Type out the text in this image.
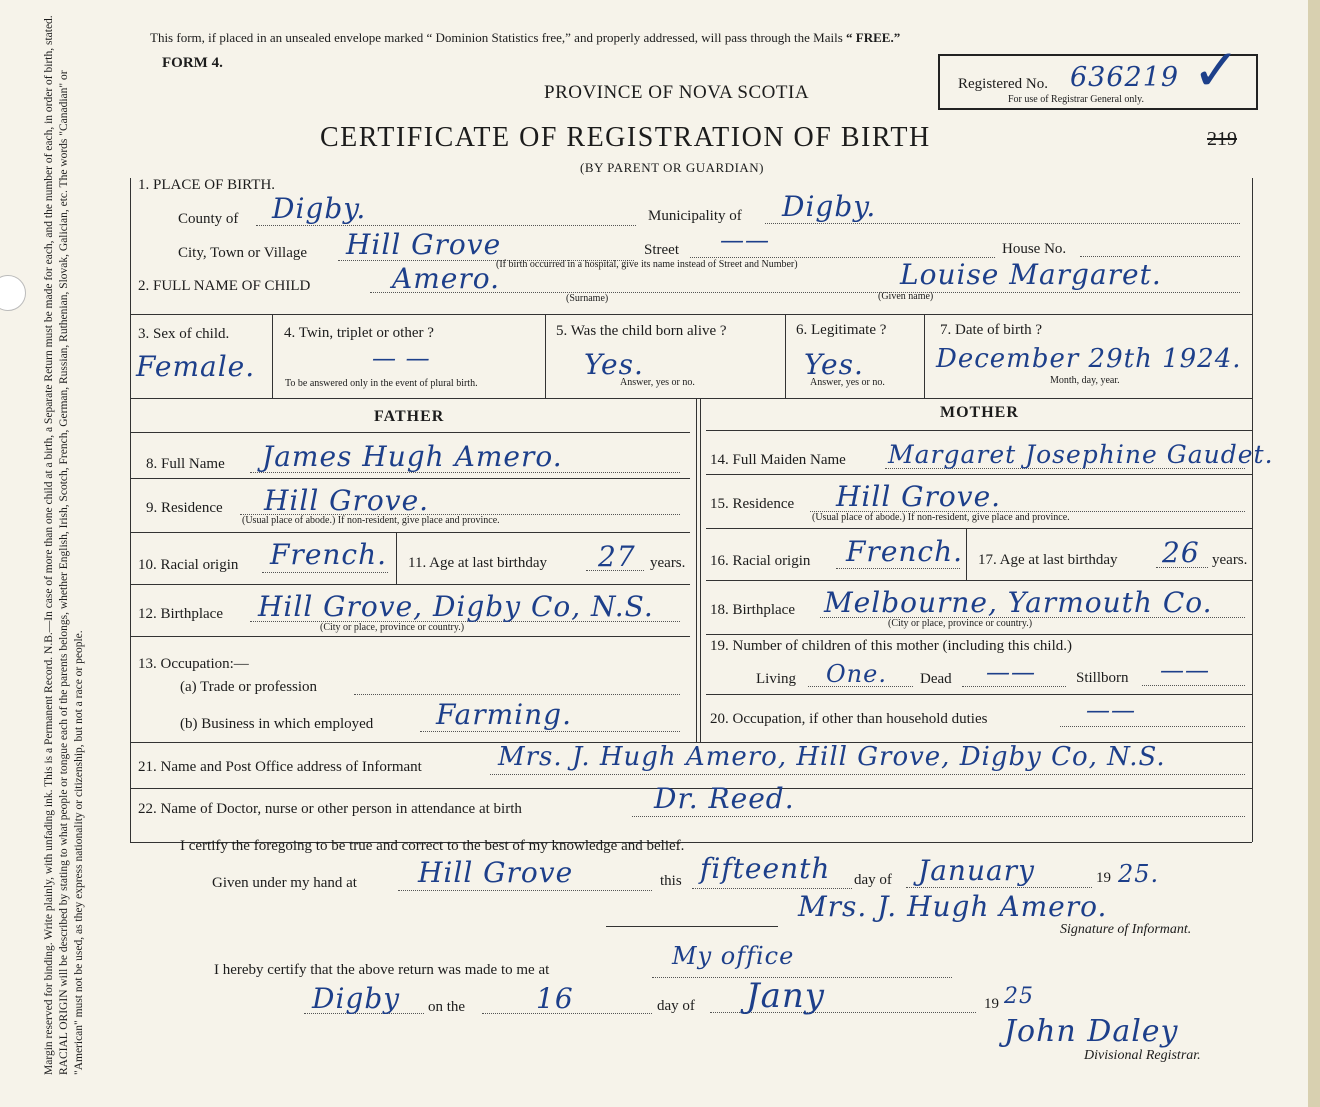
Margin reserved for binding. Write plainly, with unfading ink. This is a Permanent Record. N.B.—In case of more than one child at a birth, a Separate Return must be made for each, and the number of each, in order of birth, stated. RACIAL ORIGIN will be described by stating to what people or tongue each of the parents belongs, whether English, Irish, Scotch, French, German, Russian, Ruthenian, Slovak, Galician, etc. The words "Canadian" or "American" must not be used, as they express nationality or citizenship, but not a race or people.
This form, if placed in an unsealed envelope marked “ Dominion Statistics free,” and properly addressed, will pass through the Mails “ FREE.”
FORM 4.
Registered No. 636219 ✓
For use of Registrar General only.
PROVINCE OF NOVA SCOTIA
CERTIFICATE OF REGISTRATION OF BIRTH	219
(BY PARENT OR GUARDIAN)
1. PLACE OF BIRTH.
County of Digby.	Municipality of Digby.
City, Town or Village Hill Grove	Street ——	House No.
(If birth occurred in a hospital, give its name instead of Street and Number)
2. FULL NAME OF CHILD	Amero.
(Surname)
Louise Margaret.
(Given name)
3. Sex of child.
Female.
4. Twin, triplet or other ?
— —
To be answered only in the event of plural birth.
5. Was the child born alive ?
Yes.
Answer, yes or no.
6. Legitimate ?
Yes.
Answer, yes or no.
7. Date of birth ?
December 29th 1924.
Month, day, year.
FATHER	MOTHER
8. Full Name James Hugh Amero.
9. Residence Hill Grove.
(Usual place of abode.) If non-resident, give place and province.
10. Racial origin French. 11. Age at last birthday 27 years.
12. Birthplace Hill Grove, Digby Co, N.S.
(City or place, province or country.)
13. Occupation:—
(a) Trade or profession
(b) Business in which employed Farming.
14. Full Maiden Name Margaret Josephine Gaudet.
15. Residence Hill Grove.
(Usual place of abode.) If non-resident, give place and province.
16. Racial origin French. 17. Age at last birthday 26 years.
18. Birthplace Melbourne, Yarmouth Co.
(City or place, province or country.)
19. Number of children of this mother (including this child.)
Living One. Dead ——	Stillborn ——
20. Occupation, if other than household duties	——
21. Name and Post Office address of Informant	Mrs. J. Hugh Amero, Hill Grove, Digby Co, N.S.
22. Name of Doctor, nurse or other person in attendance at birth	Dr. Reed.
I certify the foregoing to be true and correct to the best of my knowledge and belief.
Given under my hand at Hill Grove	this fifteenth day of January	19 25.
Mrs. J. Hugh Amero.
Signature of Informant.
I hereby certify that the above return was made to me at	My office
Digby on the	16	day of Jany	19 25
John Daley
Divisional Registrar.
